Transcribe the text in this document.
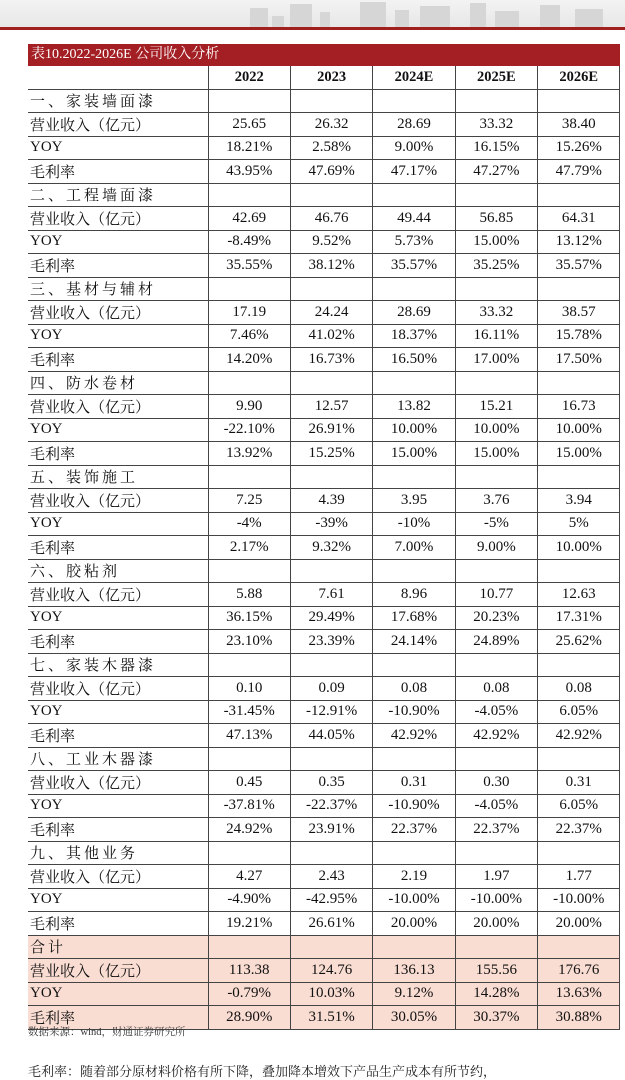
表10.2022-2026E 公司收入分析
	2022	2023	2024E	2025E	2026E
一、家装墙面漆					
营业收入（亿元）	25.65	26.32	28.69	33.32	38.40
YOY	18.21%	2.58%	9.00%	16.15%	15.26%
毛利率	43.95%	47.69%	47.17%	47.27%	47.79%
二、工程墙面漆					
营业收入（亿元）	42.69	46.76	49.44	56.85	64.31
YOY	-8.49%	9.52%	5.73%	15.00%	13.12%
毛利率	35.55%	38.12%	35.57%	35.25%	35.57%
三、基材与辅材					
营业收入（亿元）	17.19	24.24	28.69	33.32	38.57
YOY	7.46%	41.02%	18.37%	16.11%	15.78%
毛利率	14.20%	16.73%	16.50%	17.00%	17.50%
四、防水卷材					
营业收入（亿元）	9.90	12.57	13.82	15.21	16.73
YOY	-22.10%	26.91%	10.00%	10.00%	10.00%
毛利率	13.92%	15.25%	15.00%	15.00%	15.00%
五、装饰施工					
营业收入（亿元）	7.25	4.39	3.95	3.76	3.94
YOY	-4%	-39%	-10%	-5%	5%
毛利率	2.17%	9.32%	7.00%	9.00%	10.00%
六、胶粘剂					
营业收入（亿元）	5.88	7.61	8.96	10.77	12.63
YOY	36.15%	29.49%	17.68%	20.23%	17.31%
毛利率	23.10%	23.39%	24.14%	24.89%	25.62%
七、家装木器漆					
营业收入（亿元）	0.10	0.09	0.08	0.08	0.08
YOY	-31.45%	-12.91%	-10.90%	-4.05%	6.05%
毛利率	47.13%	44.05%	42.92%	42.92%	42.92%
八、工业木器漆					
营业收入（亿元）	0.45	0.35	0.31	0.30	0.31
YOY	-37.81%	-22.37%	-10.90%	-4.05%	6.05%
毛利率	24.92%	23.91%	22.37%	22.37%	22.37%
九、其他业务					
营业收入（亿元）	4.27	2.43	2.19	1.97	1.77
YOY	-4.90%	-42.95%	-10.00%	-10.00%	-10.00%
毛利率	19.21%	26.61%	20.00%	20.00%	20.00%
合计					
营业收入（亿元）	113.38	124.76	136.13	155.56	176.76
YOY	-0.79%	10.03%	9.12%	14.28%	13.63%
毛利率	28.90%	31.51%	30.05%	30.37%	30.88%
数据来源：wind，财通证券研究所
毛利率：随着部分原材料价格有所下降，叠加降本增效下产品生产成本有所节约，
